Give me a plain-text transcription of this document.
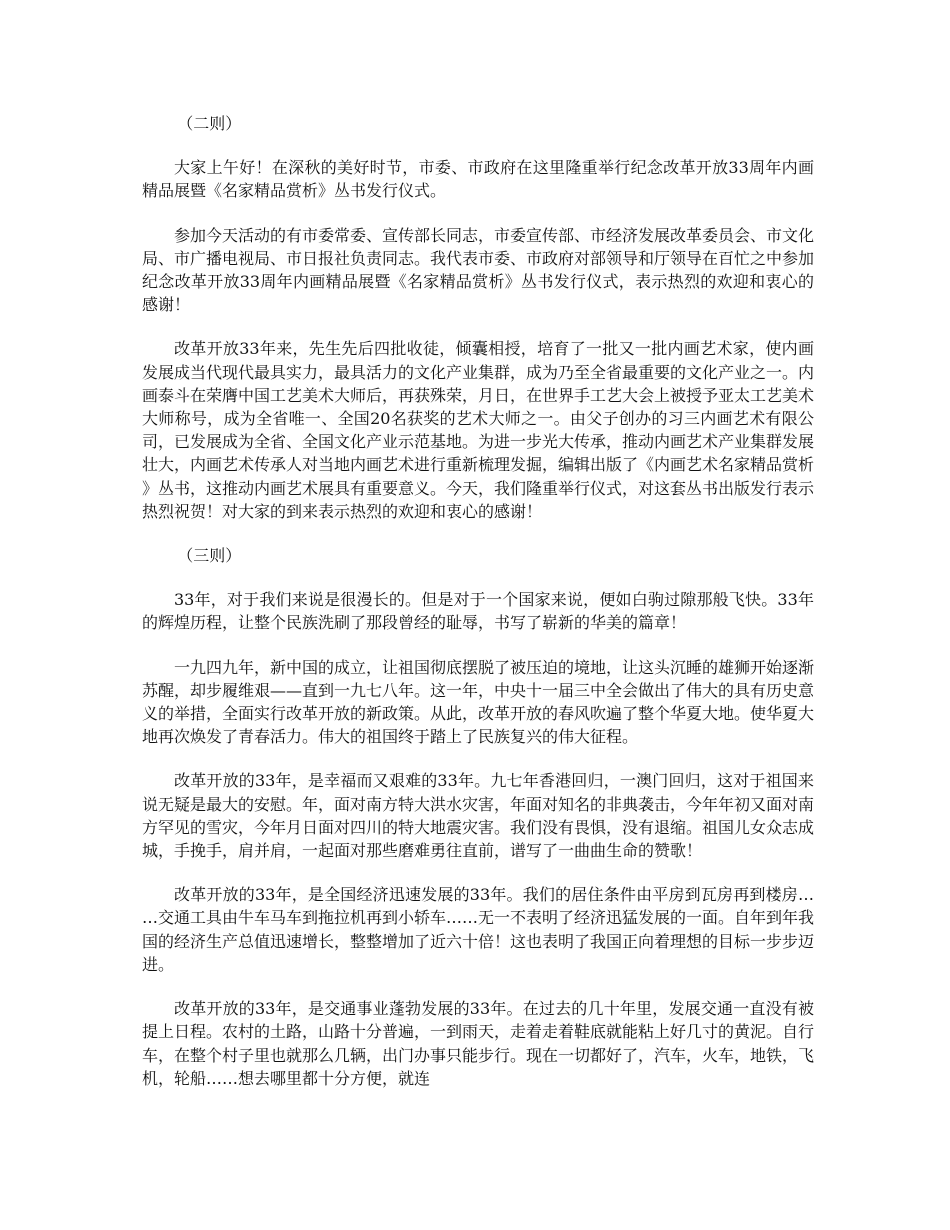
（二则）

大家上午好！在深秋的美好时节，市委、市政府在这里隆重举行纪念改革开放33周年内画精品展暨《名家精品赏析》丛书发行仪式。

参加今天活动的有市委常委、宣传部长同志，市委宣传部、市经济发展改革委员会、市文化局、市广播电视局、市日报社负责同志。我代表市委、市政府对部领导和厅领导在百忙之中参加纪念改革开放33周年内画精品展暨《名家精品赏析》丛书发行仪式，表示热烈的欢迎和衷心的感谢！

改革开放33年来，先生先后四批收徒，倾囊相授，培育了一批又一批内画艺术家，使内画发展成当代现代最具实力，最具活力的文化产业集群，成为乃至全省最重要的文化产业之一。内画泰斗在荣膺中国工艺美术大师后，再获殊荣，月日，在世界手工艺大会上被授予亚太工艺美术大师称号，成为全省唯一、全国20名获奖的艺术大师之一。由父子创办的习三内画艺术有限公司，已发展成为全省、全国文化产业示范基地。为进一步光大传承，推动内画艺术产业集群发展壮大，内画艺术传承人对当地内画艺术进行重新梳理发掘，编辑出版了《内画艺术名家精品赏析》丛书，这推动内画艺术展具有重要意义。今天，我们隆重举行仪式，对这套丛书出版发行表示热烈祝贺！对大家的到来表示热烈的欢迎和衷心的感谢！

（三则）

33年，对于我们来说是很漫长的。但是对于一个国家来说，便如白驹过隙那般飞快。33年的辉煌历程，让整个民族洗刷了那段曾经的耻辱，书写了崭新的华美的篇章！

一九四九年，新中国的成立，让祖国彻底摆脱了被压迫的境地，让这头沉睡的雄狮开始逐渐苏醒，却步履维艰——直到一九七八年。这一年，中央十一届三中全会做出了伟大的具有历史意义的举措，全面实行改革开放的新政策。从此，改革开放的春风吹遍了整个华夏大地。使华夏大地再次焕发了青春活力。伟大的祖国终于踏上了民族复兴的伟大征程。

改革开放的33年，是幸福而又艰难的33年。九七年香港回归，一澳门回归，这对于祖国来说无疑是最大的安慰。年，面对南方特大洪水灾害，年面对知名的非典袭击，今年年初又面对南方罕见的雪灾，今年月日面对四川的特大地震灾害。我们没有畏惧，没有退缩。祖国儿女众志成城，手挽手，肩并肩，一起面对那些磨难勇往直前，谱写了一曲曲生命的赞歌！

改革开放的33年，是全国经济迅速发展的33年。我们的居住条件由平房到瓦房再到楼房……交通工具由牛车马车到拖拉机再到小轿车……无一不表明了经济迅猛发展的一面。自年到年我国的经济生产总值迅速增长，整整增加了近六十倍！这也表明了我国正向着理想的目标一步步迈进。

改革开放的33年，是交通事业蓬勃发展的33年。在过去的几十年里，发展交通一直没有被提上日程。农村的土路，山路十分普遍，一到雨天，走着走着鞋底就能粘上好几寸的黄泥。自行车，在整个村子里也就那么几辆，出门办事只能步行。现在一切都好了，汽车，火车，地铁，飞机，轮船……想去哪里都十分方便，就连
